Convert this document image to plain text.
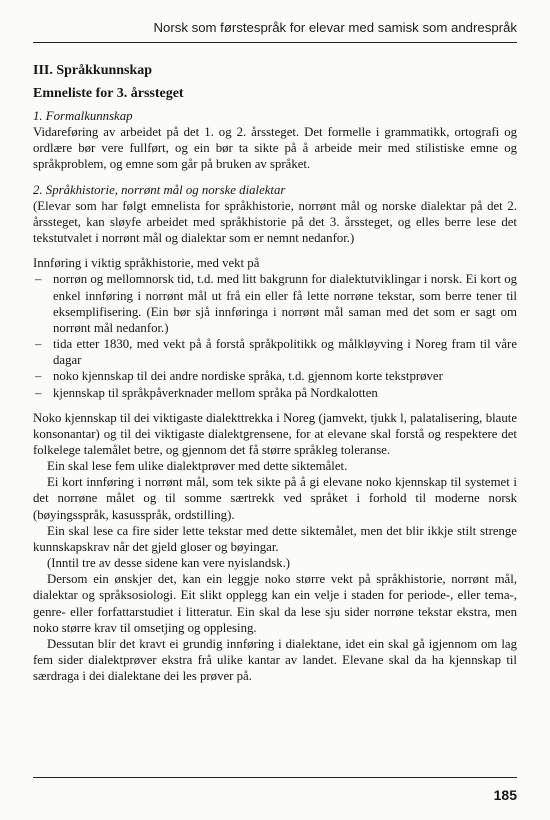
Norsk som førstespråk for elevar med samisk som andrespråk
III. Språkkunnskap
Emneliste for 3. årssteget
1. Formalkunnskap

Vidareføring av arbeidet på det 1. og 2. årssteget. Det formelle i grammatikk, ortografi og ordlære bør vere fullført, og ein bør ta sikte på å arbeide meir med stilistiske emne og språkproblem, og emne som går på bruken av språket.

2. Språkhistorie, norrønt mål og norske dialektar

(Elevar som har følgt emnelista for språkhistorie, norrønt mål og norske dialektar på det 2. årssteget, kan sløyfe arbeidet med språkhistorie på det 3. årssteget, og elles berre lese det tekstutvalet i norrønt mål og dialektar som er nemnt nedanfor.)

Innføring i viktig språkhistorie, med vekt på

– norrøn og mellomnorsk tid, t.d. med litt bakgrunn for dialektutviklingar i norsk. Ei kort og enkel innføring i norrønt mål ut frå ein eller få lette norrøne tekstar, som berre tener til eksemplifisering. (Ein bør sjå innføringa i norrønt mål saman med det som er sagt om norrønt mål nedanfor.)
– tida etter 1830, med vekt på å forstå språkpolitikk og målkløyving i Noreg fram til våre dagar
– noko kjennskap til dei andre nordiske språka, t.d. gjennom korte tekstprøver
– kjennskap til språkpåverknader mellom språka på Nordkalotten

Noko kjennskap til dei viktigaste dialekttrekka i Noreg (jamvekt, tjukk l, palatalisering, blaute konsonantar) og til dei viktigaste dialektgrensene, for at elevane skal forstå og respektere det folkelege talemålet betre, og gjennom det få større språkleg toleranse.

Ein skal lese fem ulike dialektprøver med dette siktemålet.

Ei kort innføring i norrønt mål, som tek sikte på å gi elevane noko kjennskap til systemet i det norrøne målet og til somme særtrekk ved språket i forhold til moderne norsk (bøyingsspråk, kasusspråk, ordstilling).

Ein skal lese ca fire sider lette tekstar med dette siktemålet, men det blir ikkje stilt strenge kunnskapskrav når det gjeld gloser og bøyingar.

(Inntil tre av desse sidene kan vere nyislandsk.)

Dersom ein ønskjer det, kan ein leggje noko større vekt på språkhistorie, norrønt mål, dialektar og språksosiologi. Eit slikt opplegg kan ein velje i staden for periode-, eller tema-, genre- eller forfattarstudiet i litteratur. Ein skal da lese sju sider norrøne tekstar ekstra, men noko større krav til omsetjing og opplesing.

Dessutan blir det kravt ei grundig innføring i dialektane, idet ein skal gå igjennom om lag fem sider dialektprøver ekstra frå ulike kantar av landet. Elevane skal da ha kjennskap til særdraga i dei dialektane dei les prøver på.

185
